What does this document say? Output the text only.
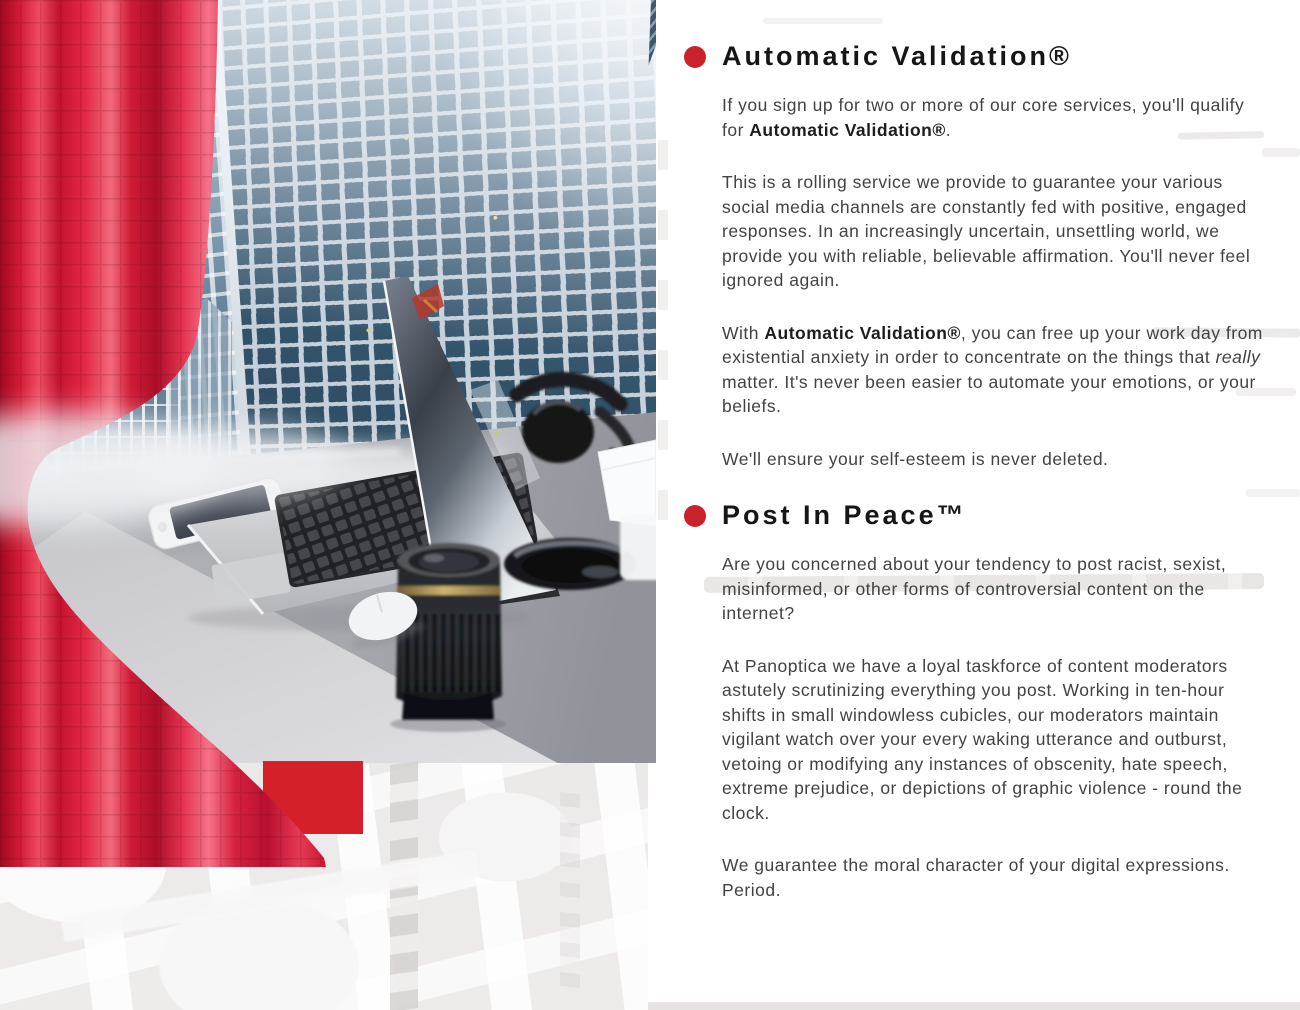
Automatic Validation®

If you sign up for two or more of our core services, you'll qualify for Automatic Validation®.

This is a rolling service we provide to guarantee your various social media channels are constantly fed with positive, engaged responses. In an increasingly uncertain, unsettling world, we provide you with reliable, believable affirmation. You'll never feel ignored again.

With Automatic Validation®, you can free up your work day from existential anxiety in order to concentrate on the things that really matter. It's never been easier to automate your emotions, or your beliefs.

We'll ensure your self-esteem is never deleted.

Post In Peace™

Are you concerned about your tendency to post racist, sexist, misinformed, or other forms of controversial content on the internet?

At Panoptica we have a loyal taskforce of content moderators astutely scrutinizing everything you post. Working in ten-hour shifts in small windowless cubicles, our moderators maintain vigilant watch over your every waking utterance and outburst, vetoing or modifying any instances of obscenity, hate speech, extreme prejudice, or depictions of graphic violence - round the clock.

We guarantee the moral character of your digital expressions. Period.
